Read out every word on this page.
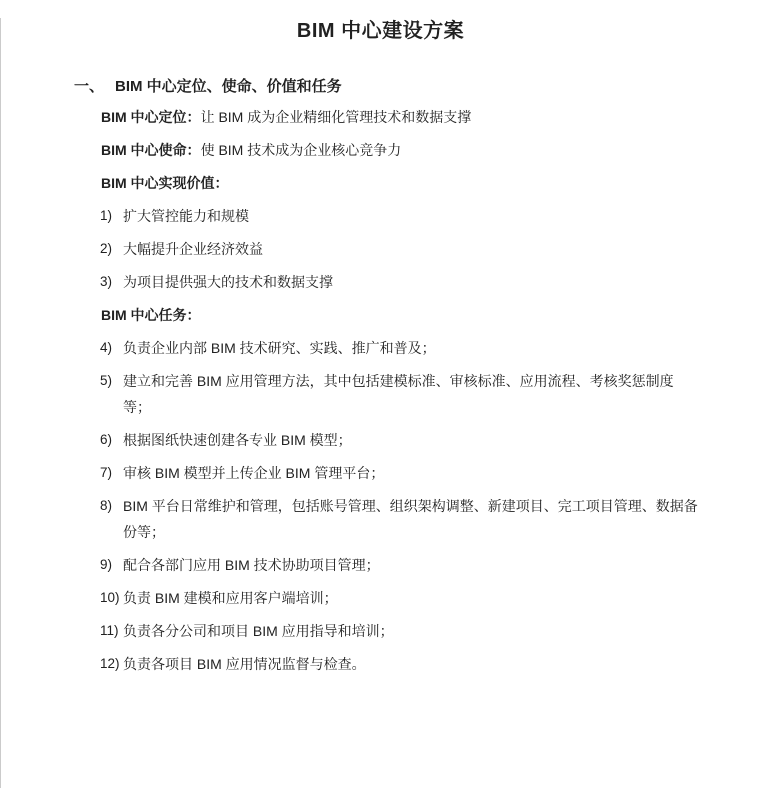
BIM 中心建设方案
一、 BIM 中心定位、使命、价值和任务

BIM 中心定位：让 BIM 成为企业精细化管理技术和数据支撑

BIM 中心使命：使 BIM 技术成为企业核心竞争力

BIM 中心实现价值：

1) 扩大管控能力和规模
2) 大幅提升企业经济效益
3) 为项目提供强大的技术和数据支撑

BIM 中心任务：

4) 负责企业内部 BIM 技术研究、实践、推广和普及；
5) 建立和完善 BIM 应用管理方法，其中包括建模标准、审核标准、应用流程、考核奖惩制度等；
6) 根据图纸快速创建各专业 BIM 模型；
7) 审核 BIM 模型并上传企业 BIM 管理平台；
8) BIM 平台日常维护和管理，包括账号管理、组织架构调整、新建项目、完工项目管理、数据备份等；
9) 配合各部门应用 BIM 技术协助项目管理；
10) 负责 BIM 建模和应用客户端培训；
11) 负责各分公司和项目 BIM 应用指导和培训；
12) 负责各项目 BIM 应用情况监督与检查。
